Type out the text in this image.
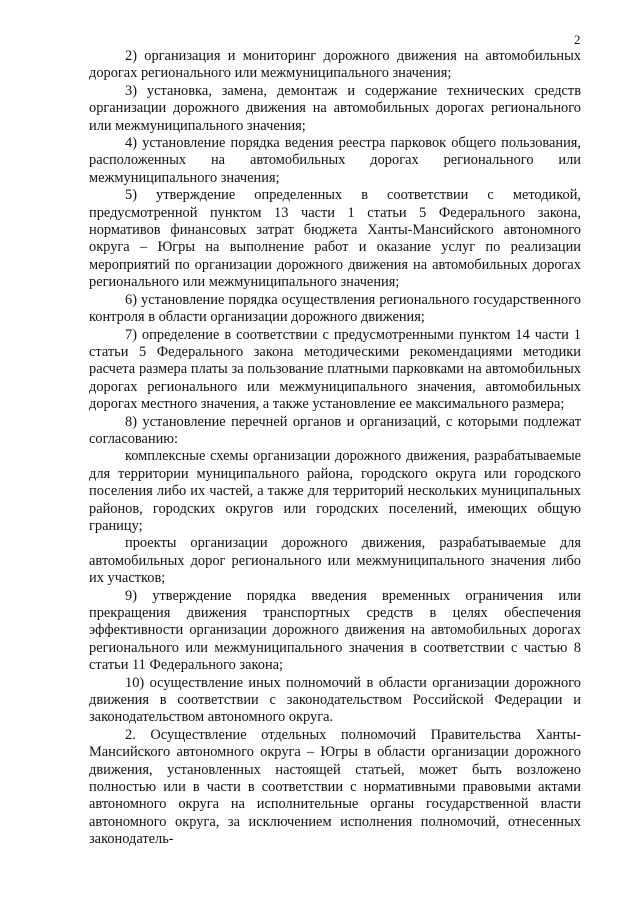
2

2) организация и мониторинг дорожного движения на автомобильных дорогах регионального или межмуниципального значения;

3) установка, замена, демонтаж и содержание технических средств организации дорожного движения на автомобильных дорогах регионального или межмуниципального значения;

4) установление порядка ведения реестра парковок общего пользования, расположенных на автомобильных дорогах регионального или межмуниципального значения;

5) утверждение определенных в соответствии с методикой, предусмотренной пунктом 13 части 1 статьи 5 Федерального закона, нормативов финансовых затрат бюджета Ханты-Мансийского автономного округа – Югры на выполнение работ и оказание услуг по реализации мероприятий по организации дорожного движения на автомобильных дорогах регионального или межмуниципального значения;

6) установление порядка осуществления регионального государственного контроля в области организации дорожного движения;

7) определение в соответствии с предусмотренными пунктом 14 части 1 статьи 5 Федерального закона методическими рекомендациями методики расчета размера платы за пользование платными парковками на автомобильных дорогах регионального или межмуниципального значения, автомобильных дорогах местного значения, а также установление ее максимального размера;

8) установление перечней органов и организаций, с которыми подлежат согласованию:

комплексные схемы организации дорожного движения, разрабатываемые для территории муниципального района, городского округа или городского поселения либо их частей, а также для территорий нескольких муниципальных районов, городских округов или городских поселений, имеющих общую границу;

проекты организации дорожного движения, разрабатываемые для автомобильных дорог регионального или межмуниципального значения либо их участков;

9) утверждение порядка введения временных ограничения или прекращения движения транспортных средств в целях обеспечения эффективности организации дорожного движения на автомобильных дорогах регионального или межмуниципального значения в соответствии с частью 8 статьи 11 Федерального закона;

10) осуществление иных полномочий в области организации дорожного движения в соответствии с законодательством Российской Федерации и законодательством автономного округа.

2. Осуществление отдельных полномочий Правительства Ханты-Мансийского автономного округа – Югры в области организации дорожного движения, установленных настоящей статьей, может быть возложено полностью или в части в соответствии с нормативными правовыми актами автономного округа на исполнительные органы государственной власти автономного округа, за исключением исполнения полномочий, отнесенных законодатель-
